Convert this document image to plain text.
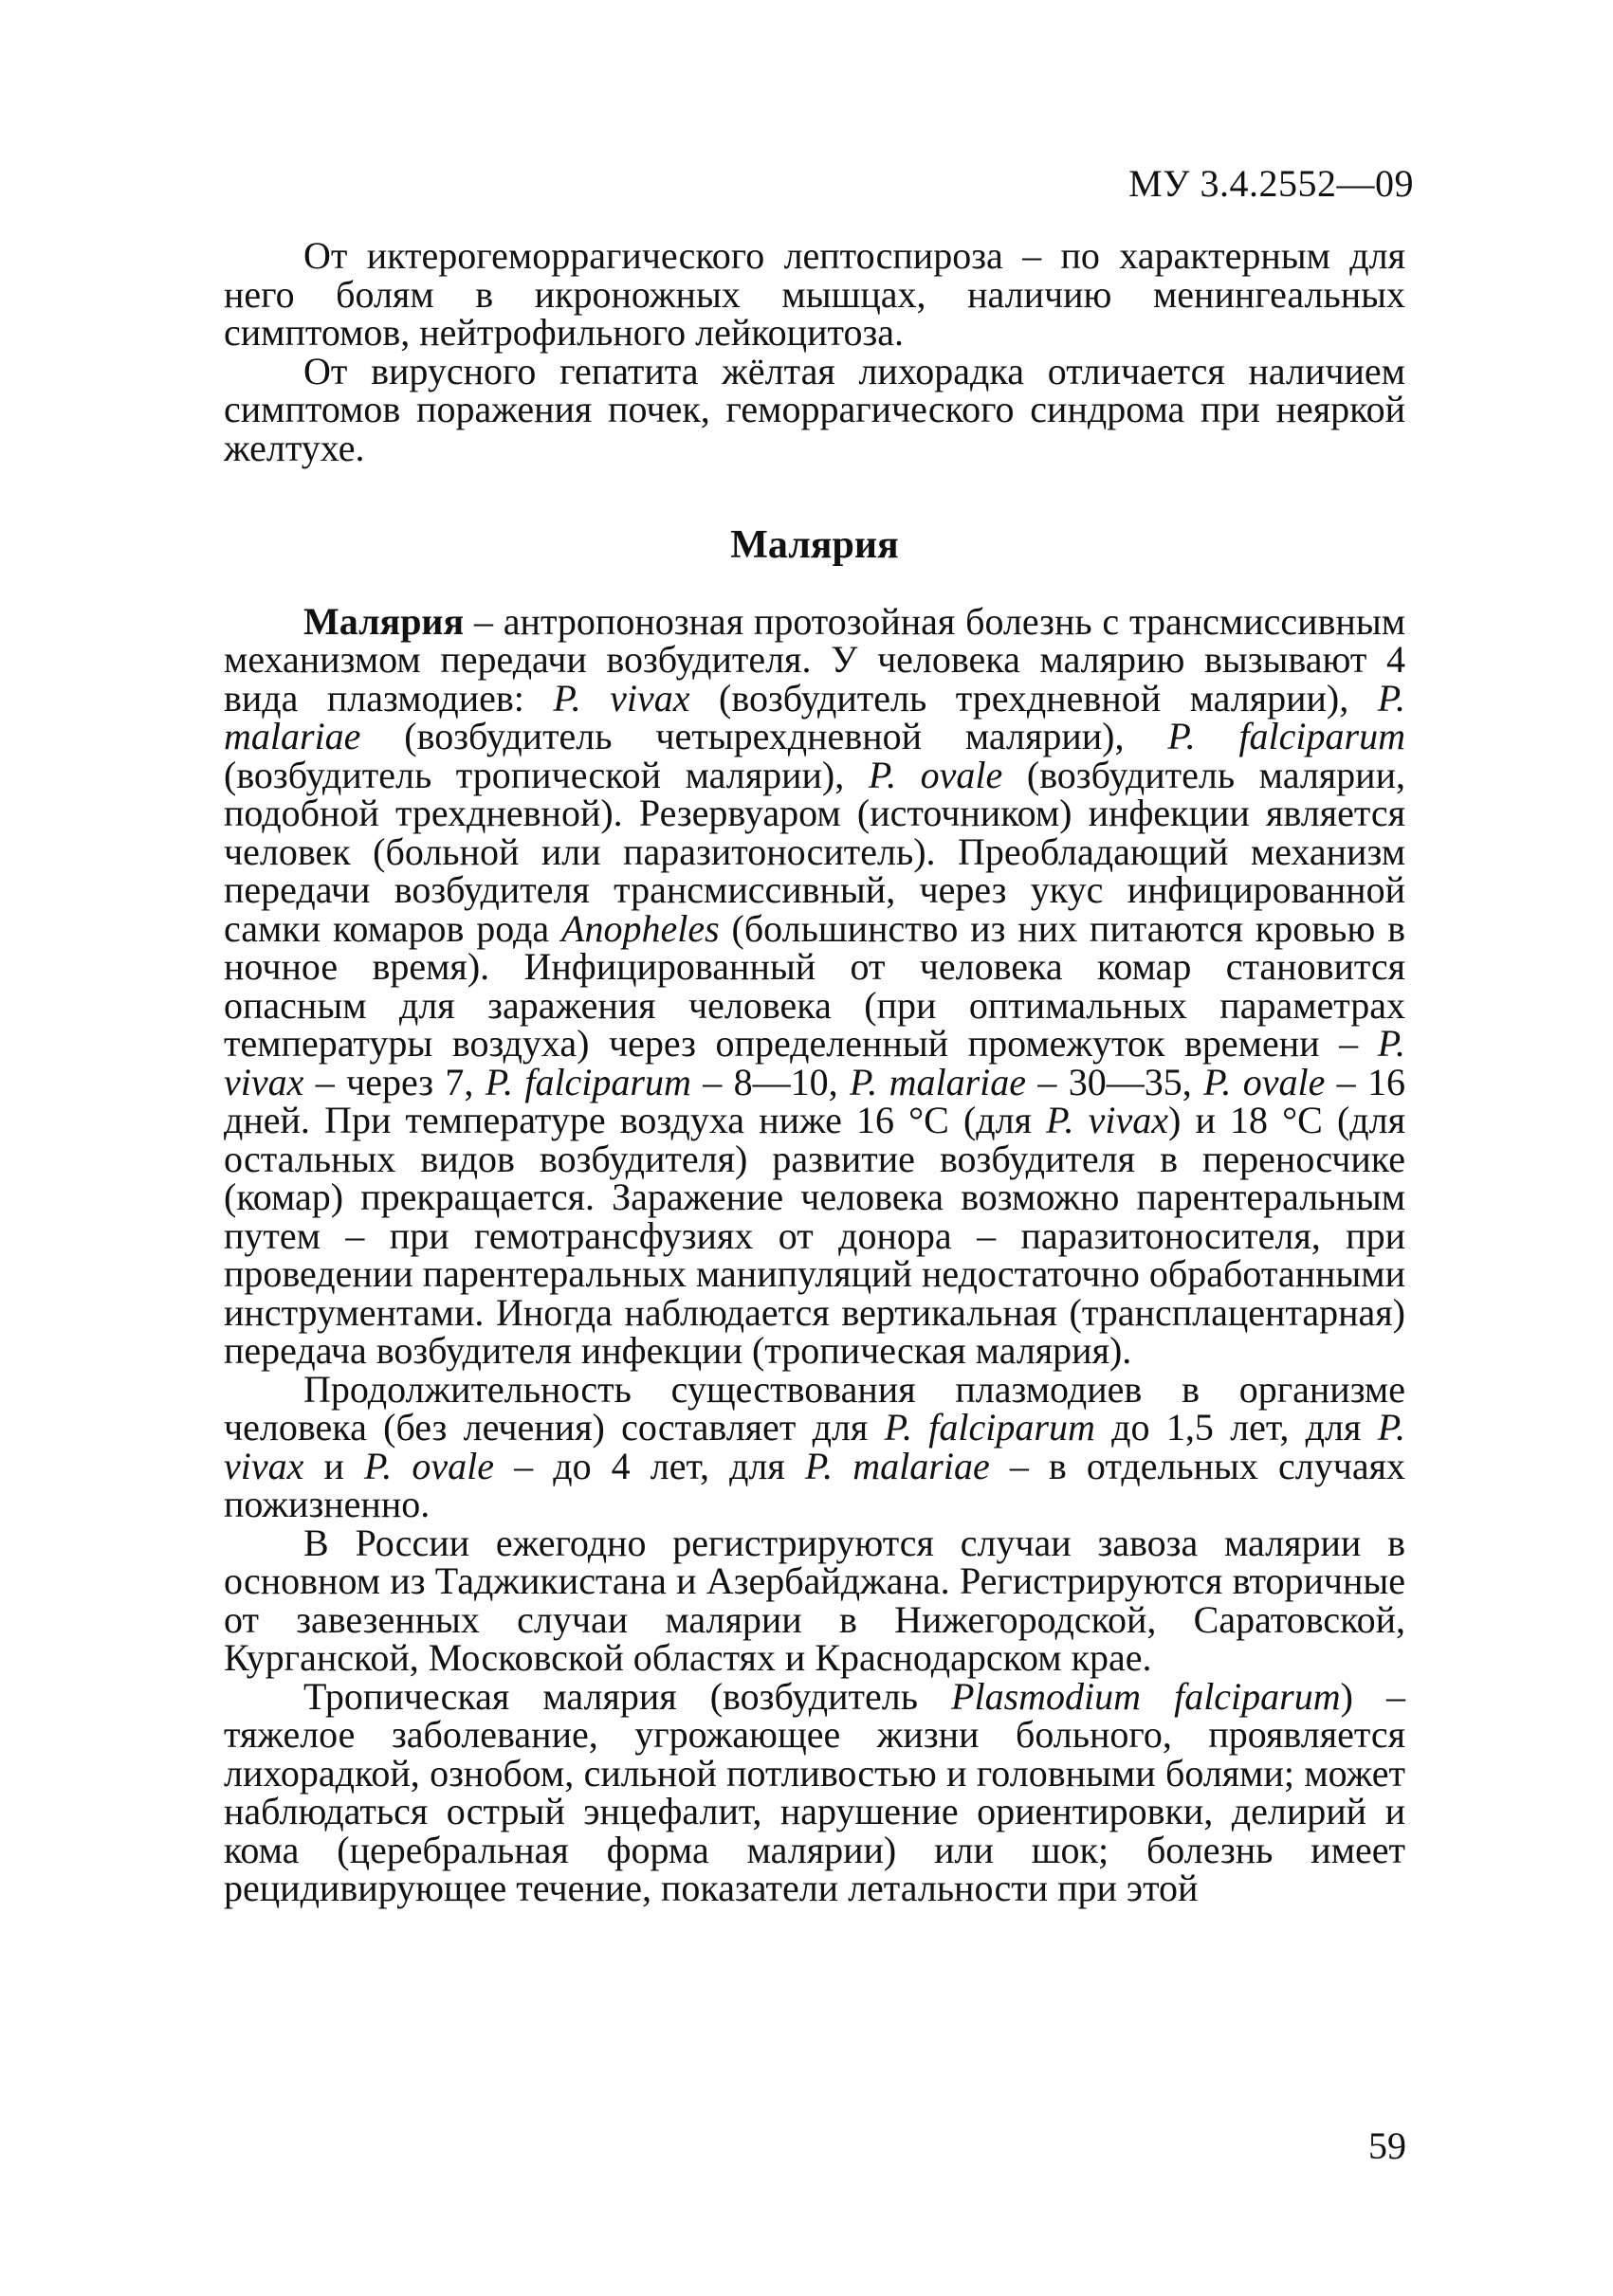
МУ 3.4.2552—09

От иктерогеморрагического лептоспироза – по характерным для него болям в икроножных мышцах, наличию менингеальных симптомов, нейтрофильного лейкоцитоза.

От вирусного гепатита жёлтая лихорадка отличается наличием симптомов поражения почек, геморрагического синдрома при неяркой желтухе.

Малярия

Малярия – антропонозная протозойная болезнь с трансмиссивным механизмом передачи возбудителя. У человека малярию вызывают 4 вида плазмодиев: P. vivax (возбудитель трехдневной малярии), P. malariae (возбудитель четырехдневной малярии), P. falciparum (возбудитель тропической малярии), P. ovale (возбудитель малярии, подобной трехдневной). Резервуаром (источником) инфекции является человек (больной или паразитоноситель). Преобладающий механизм передачи возбудителя трансмиссивный, через укус инфицированной самки комаров рода Anopheles (большинство из них питаются кровью в ночное время). Инфицированный от человека комар становится опасным для заражения человека (при оптимальных параметрах температуры воздуха) через определенный промежуток времени – P. vivax – через 7, P. falciparum – 8—10, P. malariae – 30—35, P. ovale – 16 дней. При температуре воздуха ниже 16 °С (для P. vivax) и 18 °С (для остальных видов возбудителя) развитие возбудителя в переносчике (комар) прекращается. Заражение человека возможно парентеральным путем – при гемотрансфузиях от донора – паразитоносителя, при проведении парентеральных манипуляций недостаточно обработанными инструментами. Иногда наблюдается вертикальная (трансплацентарная) передача возбудителя инфекции (тропическая малярия).

Продолжительность существования плазмодиев в организме человека (без лечения) составляет для P. falciparum до 1,5 лет, для P. vivax и P. ovale – до 4 лет, для P. malariae – в отдельных случаях пожизненно.

В России ежегодно регистрируются случаи завоза малярии в основном из Таджикистана и Азербайджана. Регистрируются вторичные от завезенных случаи малярии в Нижегородской, Саратовской, Курганской, Московской областях и Краснодарском крае.

Тропическая малярия (возбудитель Plasmodium falciparum) – тяжелое заболевание, угрожающее жизни больного, проявляется лихорадкой, ознобом, сильной потливостью и головными болями; может наблюдаться острый энцефалит, нарушение ориентировки, делирий и кома (церебральная форма малярии) или шок; болезнь имеет рецидивирующее течение, показатели летальности при этой

59
